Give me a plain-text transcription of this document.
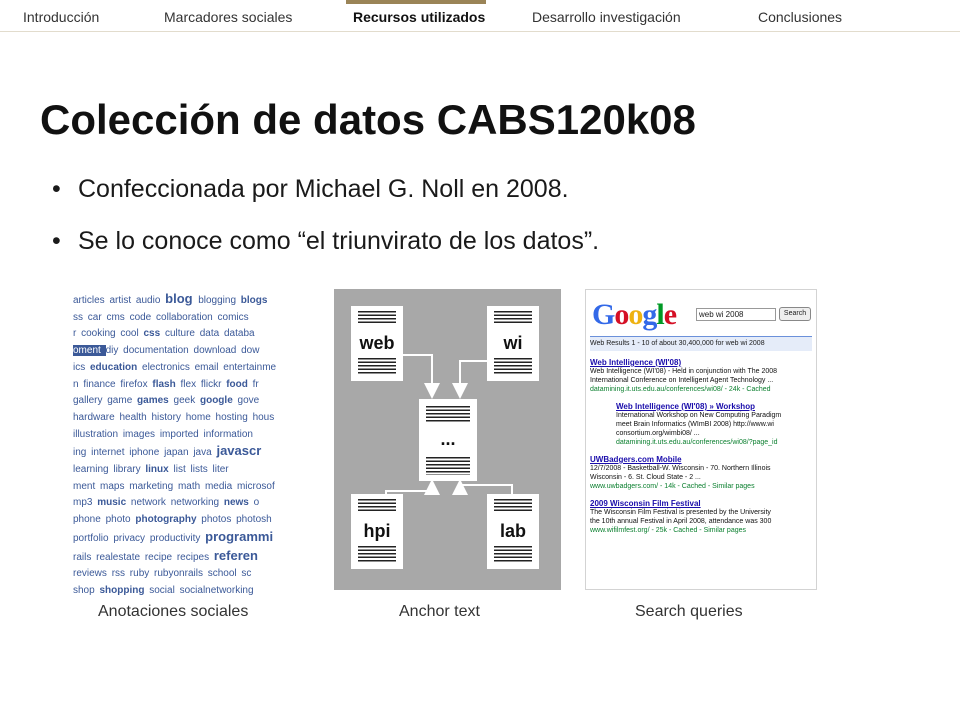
Introducción	Marcadores sociales	Recursos utilizados	Desarrollo investigación	Conclusiones
Colección de datos CABS120k08
• Confeccionada por Michael G. Noll en 2008.
• Se lo conoce como “el triunvirato de los datos”.
articles artist audio blog blogging blogs
ss car cms code collaboration comics
r cooking cool css culture data databa
oment diy documentation download dow
ics education electronics email entertainme
n finance firefox flash flex flickr food fr
gallery game games geek google gove
hardware health history home hosting hous
illustration images imported information
ing internet iphone japan java javascr
learning library linux list lists liter
ment maps marketing math media microsof
mp3 music network networking news o
phone photo photography photos photosh
portfolio privacy productivity programmi
rails realestate recipe recipes referen
reviews rss ruby rubyonrails school sc
shop shopping social socialnetworking
web	wi
...
hpi	lab
Google	web wi 2008	Search
Web Results 1 - 10 of about 30,400,000 for web wi 2008
Web Intelligence (WI'08)
Web Intelligence (WI'08) - Held in conjunction with The 2008
International Conference on Intelligent Agent Technology ...
datamining.it.uts.edu.au/conferences/wi08/ - 24k - Cached
Web Intelligence (WI'08) » Workshop
International Workshop on New Computing Paradigm
meet Brain Informatics (WImBI 2008) http://www.wi
consortium.org/wimbi08/ ...
datamining.it.uts.edu.au/conferences/wi08/?page_id
UWBadgers.com Mobile
12/7/2008 - Basketball-W. Wisconsin - 70. Northern Illinois
Wisconsin - 6. St. Cloud State - 2 ...
www.uwbadgers.com/ - 14k - Cached - Similar pages
2009 Wisconsin Film Festival
The Wisconsin Film Festival is presented by the University
the 10th annual Festival in April 2008, attendance was 300
www.wifilmfest.org/ - 25k - Cached - Similar pages
Anotaciones sociales	Anchor text	Search queries
